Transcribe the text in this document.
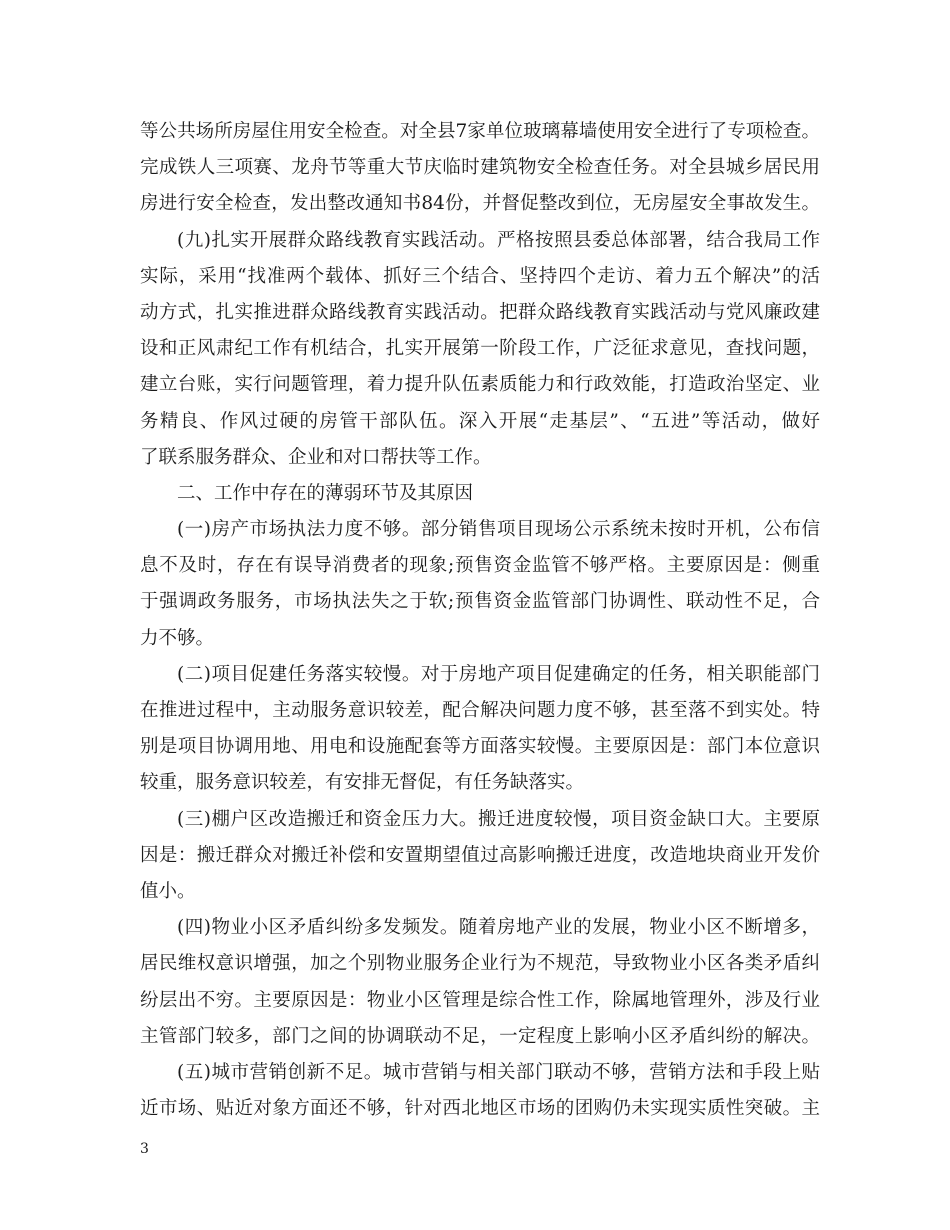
等公共场所房屋住用安全检查。对全县7家单位玻璃幕墙使用安全进行了专项检查。
完成铁人三项赛、龙舟节等重大节庆临时建筑物安全检查任务。对全县城乡居民用
房进行安全检查，发出整改通知书84份，并督促整改到位，无房屋安全事故发生。
(九)扎实开展群众路线教育实践活动。严格按照县委总体部署，结合我局工作
实际，采用“找准两个载体、抓好三个结合、坚持四个走访、着力五个解决”的活
动方式，扎实推进群众路线教育实践活动。把群众路线教育实践活动与党风廉政建
设和正风肃纪工作有机结合，扎实开展第一阶段工作，广泛征求意见，查找问题，
建立台账，实行问题管理，着力提升队伍素质能力和行政效能，打造政治坚定、业
务精良、作风过硬的房管干部队伍。深入开展“走基层”、“五进”等活动，做好
了联系服务群众、企业和对口帮扶等工作。
二、工作中存在的薄弱环节及其原因
(一)房产市场执法力度不够。部分销售项目现场公示系统未按时开机，公布信
息不及时，存在有误导消费者的现象;预售资金监管不够严格。主要原因是：侧重
于强调政务服务，市场执法失之于软;预售资金监管部门协调性、联动性不足，合
力不够。
(二)项目促建任务落实较慢。对于房地产项目促建确定的任务，相关职能部门
在推进过程中，主动服务意识较差，配合解决问题力度不够，甚至落不到实处。特
别是项目协调用地、用电和设施配套等方面落实较慢。主要原因是：部门本位意识
较重，服务意识较差，有安排无督促，有任务缺落实。
(三)棚户区改造搬迁和资金压力大。搬迁进度较慢，项目资金缺口大。主要原
因是：搬迁群众对搬迁补偿和安置期望值过高影响搬迁进度，改造地块商业开发价
值小。
(四)物业小区矛盾纠纷多发频发。随着房地产业的发展，物业小区不断增多，
居民维权意识增强，加之个别物业服务企业行为不规范，导致物业小区各类矛盾纠
纷层出不穷。主要原因是：物业小区管理是综合性工作，除属地管理外，涉及行业
主管部门较多，部门之间的协调联动不足，一定程度上影响小区矛盾纠纷的解决。
(五)城市营销创新不足。城市营销与相关部门联动不够，营销方法和手段上贴
近市场、贴近对象方面还不够，针对西北地区市场的团购仍未实现实质性突破。主
3
